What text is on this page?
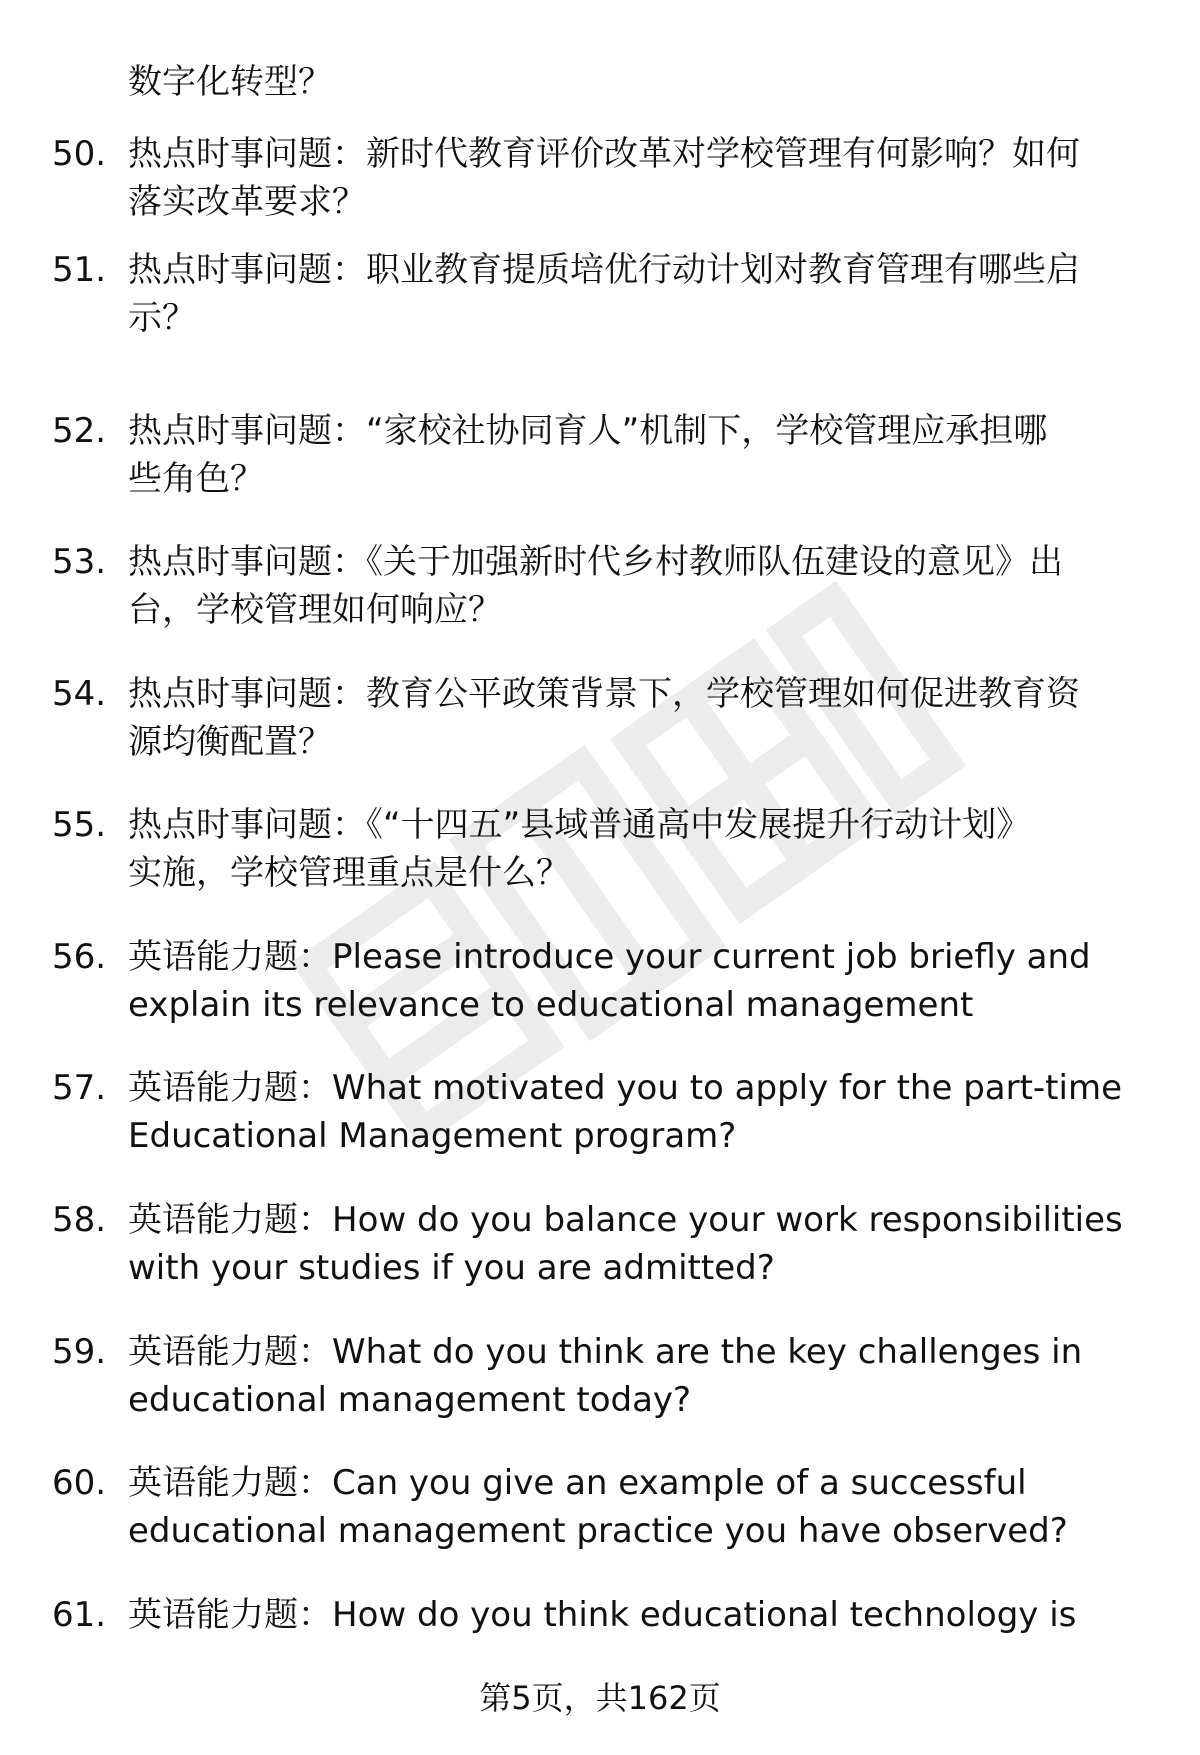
数字化转型？
50. 热点时事问题：新时代教育评价改革对学校管理有何影响？如何
落实改革要求？
51. 热点时事问题：职业教育提质培优行动计划对教育管理有哪些启
示？
52. 热点时事问题：“家校社协同育人”机制下，学校管理应承担哪
些角色？
53. 热点时事问题：《关于加强新时代乡村教师队伍建设的意见》出
台，学校管理如何响应？
54. 热点时事问题：教育公平政策背景下，学校管理如何促进教育资
源均衡配置？
55. 热点时事问题：《“十四五”县域普通高中发展提升行动计划》
实施，学校管理重点是什么？
56. 英语能力题：Please introduce your current job briefly and
explain its relevance to educational management
57. 英语能力题：What motivated you to apply for the part-time
Educational Management program?
58. 英语能力题：How do you balance your work responsibilities
with your studies if you are admitted?
59. 英语能力题：What do you think are the key challenges in
educational management today?
60. 英语能力题：Can you give an example of a successful
educational management practice you have observed?
61. 英语能力题：How do you think educational technology is
第5页，共162页
